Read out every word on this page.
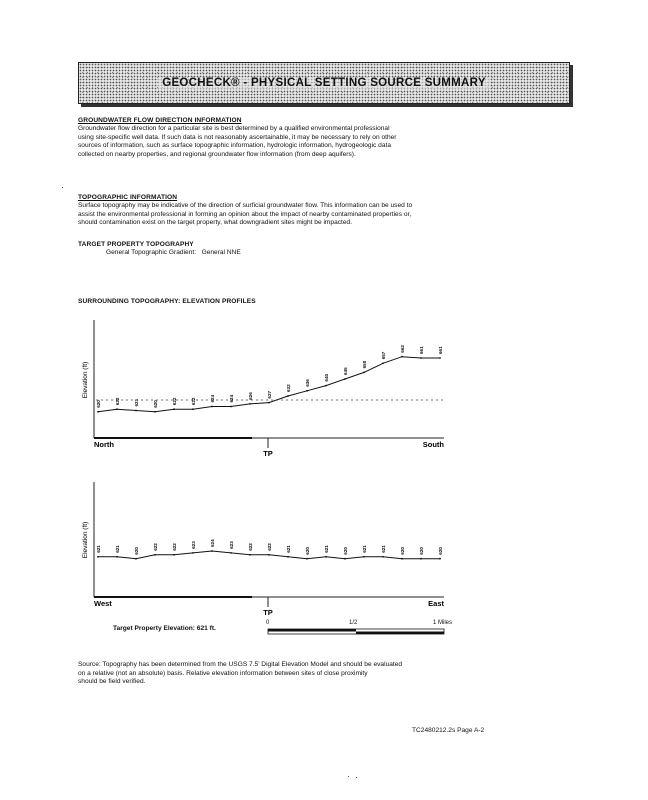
GEOCHECK® - PHYSICAL SETTING SOURCE SUMMARY
GROUNDWATER FLOW DIRECTION INFORMATION
Groundwater flow direction for a particular site is best determined by a qualified environmental professional
using site-specific well data. If such data is not reasonably ascertainable, it may be necessary to rely on other
sources of information, such as surface topographic information, hydrologic information, hydrogeologic data
collected on nearby properties, and regional groundwater flow information (from deep aquifers).
TOPOGRAPHIC INFORMATION
Surface topography may be indicative of the direction of surficial groundwater flow. This information can be used to
assist the environmental professional in forming an opinion about the impact of nearby contaminated properties or,
should contamination exist on the target property, what downgradient sites might be impacted.
TARGET PROPERTY TOPOGRAPHY
General Topographic Gradient: General NNE
SURROUNDING TOPOGRAPHY: ELEVATION PROFILES
Elevation (ft)
North	South
TP
620	622	621	620	622	622	624	624	626	627
632
636
640
645
650
657
662	661	661
Elevation (ft)
West	East
TP
621	621	620
622	622	623	624	623	622	622	621	620	621	620	621	621	620	620	620
Target Property Elevation: 621 ft.
0	1/2	1 Miles
Source: Topography has been determined from the USGS 7.5' Digital Elevation Model and should be evaluated
on a relative (not an absolute) basis. Relative elevation information between sites of close proximity
should be field verified.
TC2480212.2s Page A-2
